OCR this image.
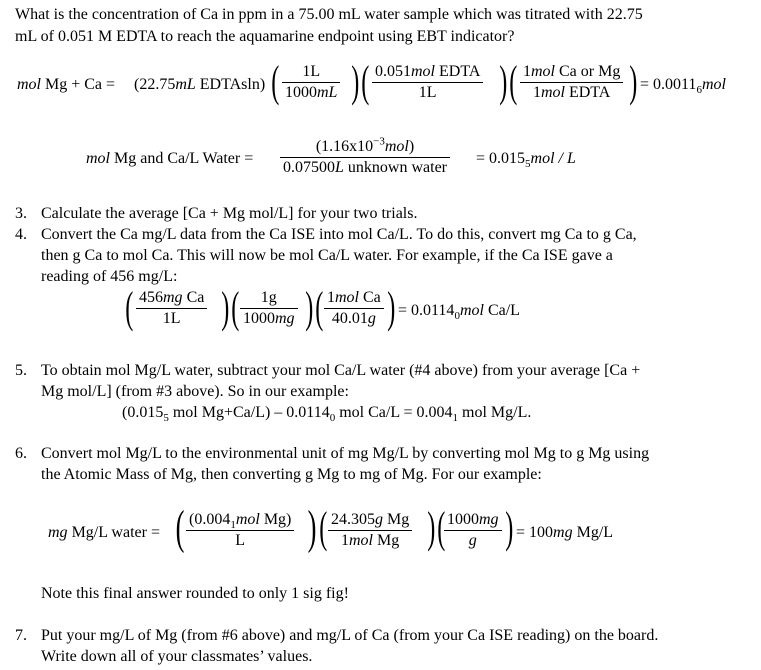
What is the concentration of Ca in ppm in a 75.00 mL water sample which was titrated with 22.75
mL of 0.051 M EDTA to reach the aquamarine endpoint using EBT indicator?
mol Mg + Ca = (22.75mL EDTAsln) ( $\frac{1L}{1000mL}$ ) ( 0.051mol EDTA
1L	) ( 1mol Ca or Mg
1mol EDTA ) = $0.0011_6mol$
mol Mg and Ca/L Water =
$(1.16x10^{-3}mol)$
0.07500L unknown water
= $0.015_5mol$ / L
3. Calculate the average [Ca + Mg mol/L] for your two trials.
4. Convert the Ca mg/L data from the Ca ISE into mol Ca/L. To do this, convert mg Ca to g Ca,
then g Ca to mol Ca. This will now be mol Ca/L water. For example, if the Ca ISE gave a
reading of 456 mg/L:
( $\frac{\text{456mg Ca}}{1L}$ ) ( $\frac{1g}{1000mg}$ ) ( 1mol Ca
40.01g ) = $0.0114_0mol$ Ca/L
5. To obtain mol Mg/L water, subtract your mol Ca/L water (#4 above) from your average [Ca +
Mg mol/L] (from #3 above). So in our example:
($0.015_5$ mol $Mg+Ca/L) - 0.0114_0$ mol $Ca/L = 0.004_1$ mol Mg/L.
6. Convert mol Mg/L to the environmental unit of mg Mg/L by converting mol Mg to g Mg using
the Atomic Mass of Mg, then converting g Mg to mg of Mg. For our example:
mg Mg/L water = ( ($0.004_1mol$ Mg)
L	) ( 24.305g Mg
1mol Mg ) (
$\frac{1000mg}{g}$ ) = 100mg Mg/L
Note this final answer rounded to only 1 sig fig!
7. Put your mg/L of Mg (from #6 above) and mg/L of Ca (from your Ca ISE reading) on the board.
Write down all of your classmates’ values.
